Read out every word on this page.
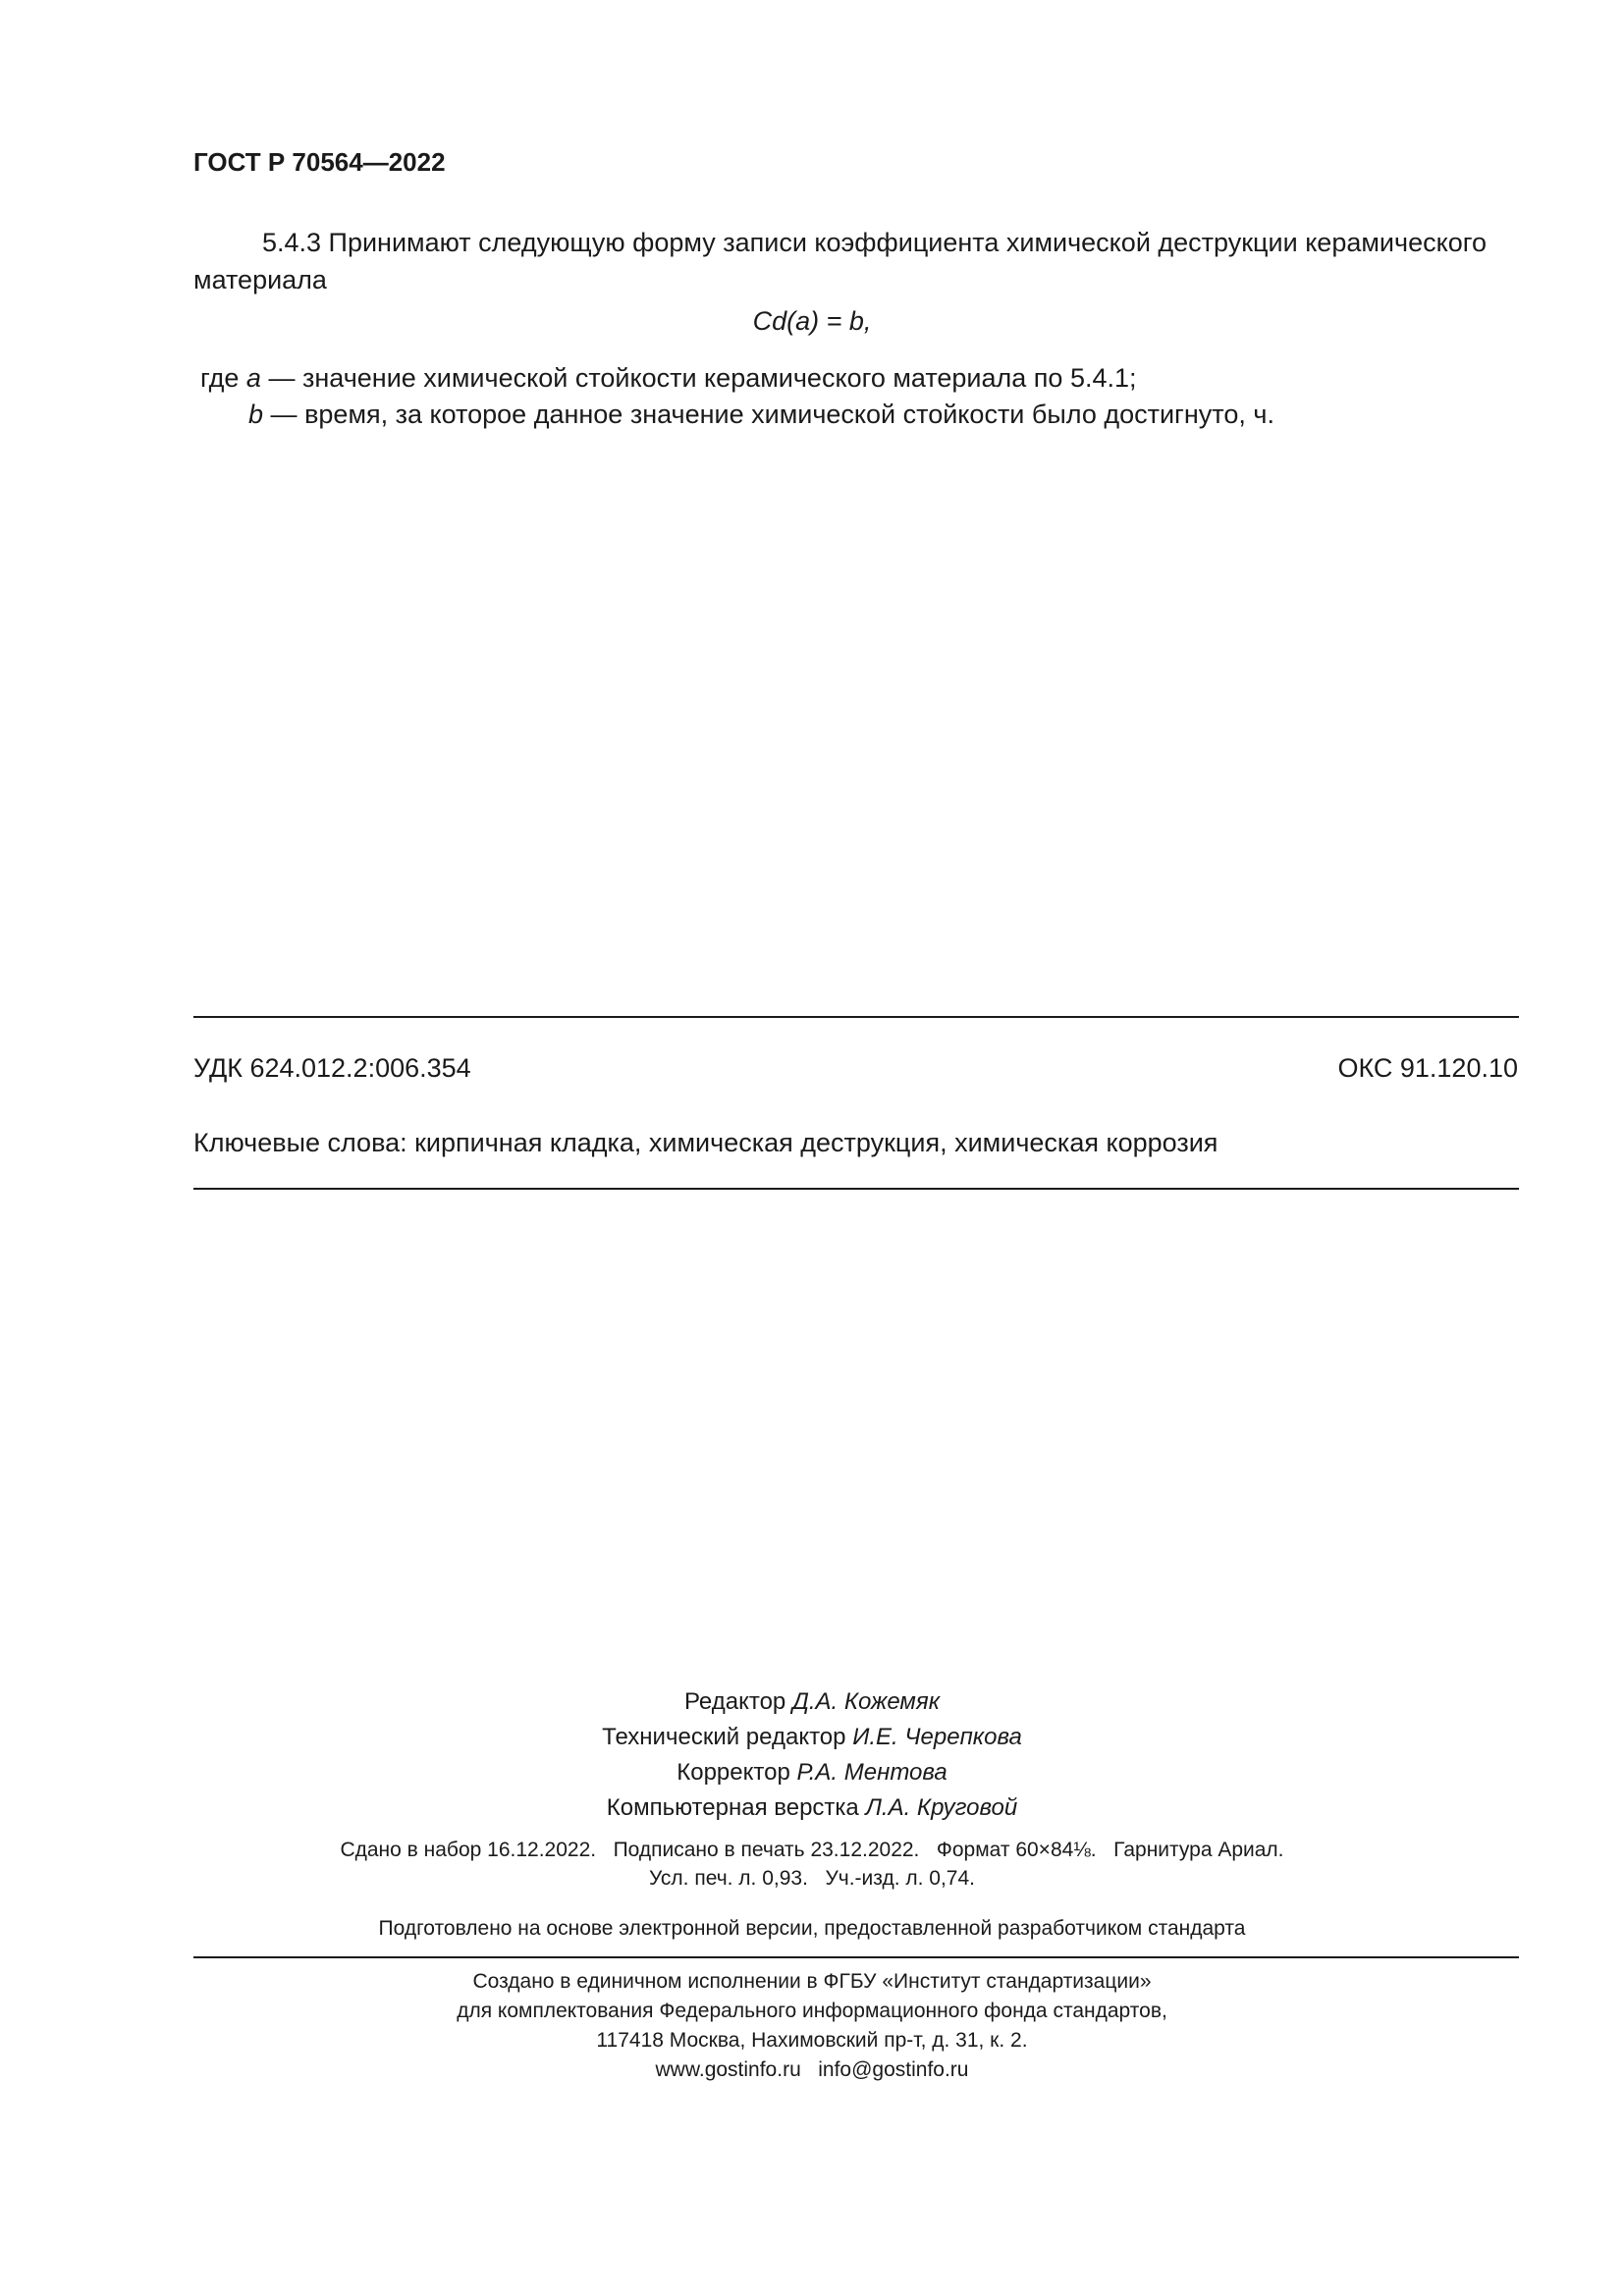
ГОСТ Р 70564—2022
5.4.3 Принимают следующую форму записи коэффициента химической деструкции керамического материала
Cd(a) = b,
где a — значение химической стойкости керамического материала по 5.4.1;
b — время, за которое данное значение химической стойкости было достигнуто, ч.
УДК 624.012.2:006.354	ОКС 91.120.10
Ключевые слова: кирпичная кладка, химическая деструкция, химическая коррозия
Редактор Д.А. Кожемяк
Технический редактор И.Е. Черепкова
Корректор Р.А. Ментова
Компьютерная верстка Л.А. Круговой
Сдано в набор 16.12.2022.   Подписано в печать 23.12.2022.   Формат 60×84⅛.   Гарнитура Ариал.
Усл. печ. л. 0,93.   Уч.-изд. л. 0,74.
Подготовлено на основе электронной версии, предоставленной разработчиком стандарта
Создано в единичном исполнении в ФГБУ «Институт стандартизации»
для комплектования Федерального информационного фонда стандартов,
117418 Москва, Нахимовский пр-т, д. 31, к. 2.
www.gostinfo.ru   info@gostinfo.ru
